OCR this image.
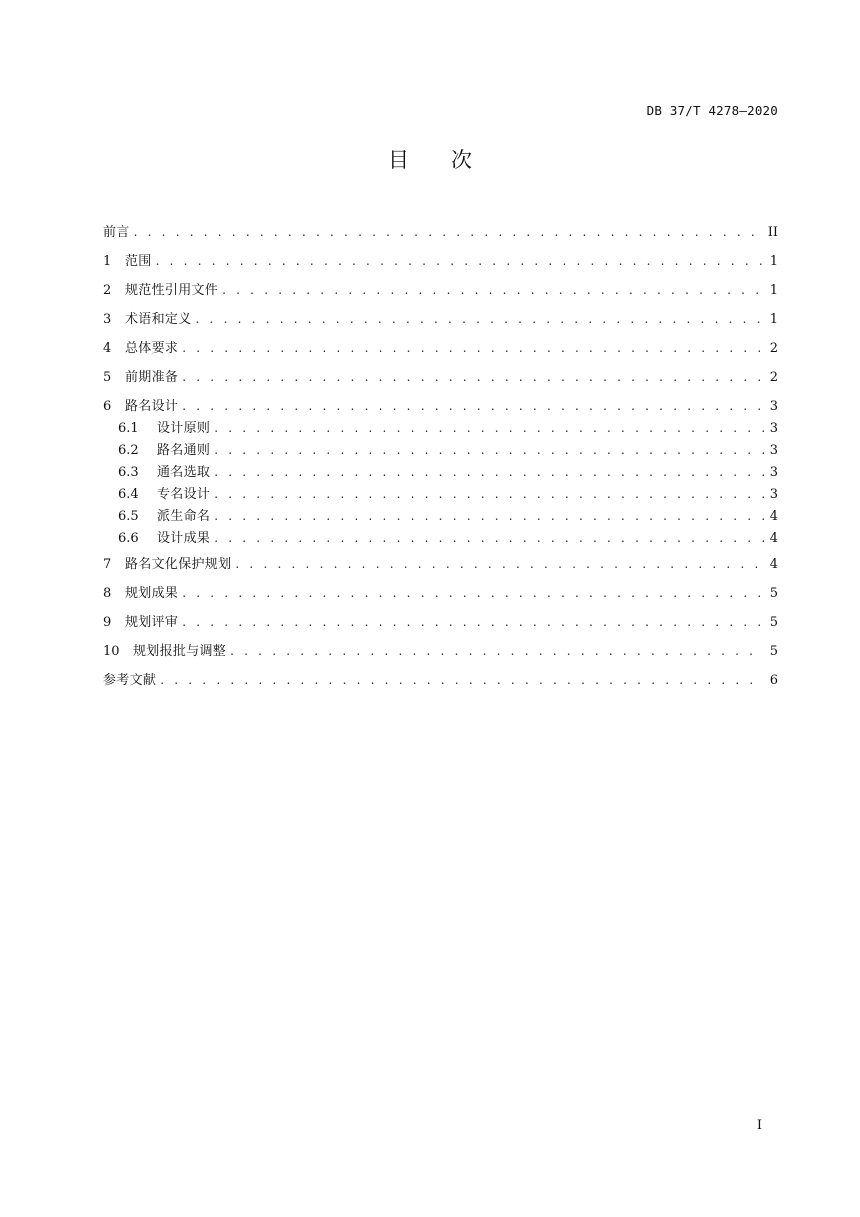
DB 37/T 4278—2020
目 次
前言 . . .	II
1	范围 . . .	1
2	规范性引用文件 . . .	1
3	术语和定义 . . .	1
4	总体要求 . . .	2
5	前期准备 . . .	2
6	路名设计 . . .	3
6.1	设计原则 . . .	3
6.2	路名通则 . . .	3
6.3	通名选取 . . .	3
6.4	专名设计 . . .	3
6.5	派生命名 . . .	4
6.6	设计成果 . . .	4
7	路名文化保护规划 . . .	4
8	规划成果 . . .	5
9	规划评审 . . .	5
10	规划报批与调整 . . .	5
参考文献 . . .	6
I
